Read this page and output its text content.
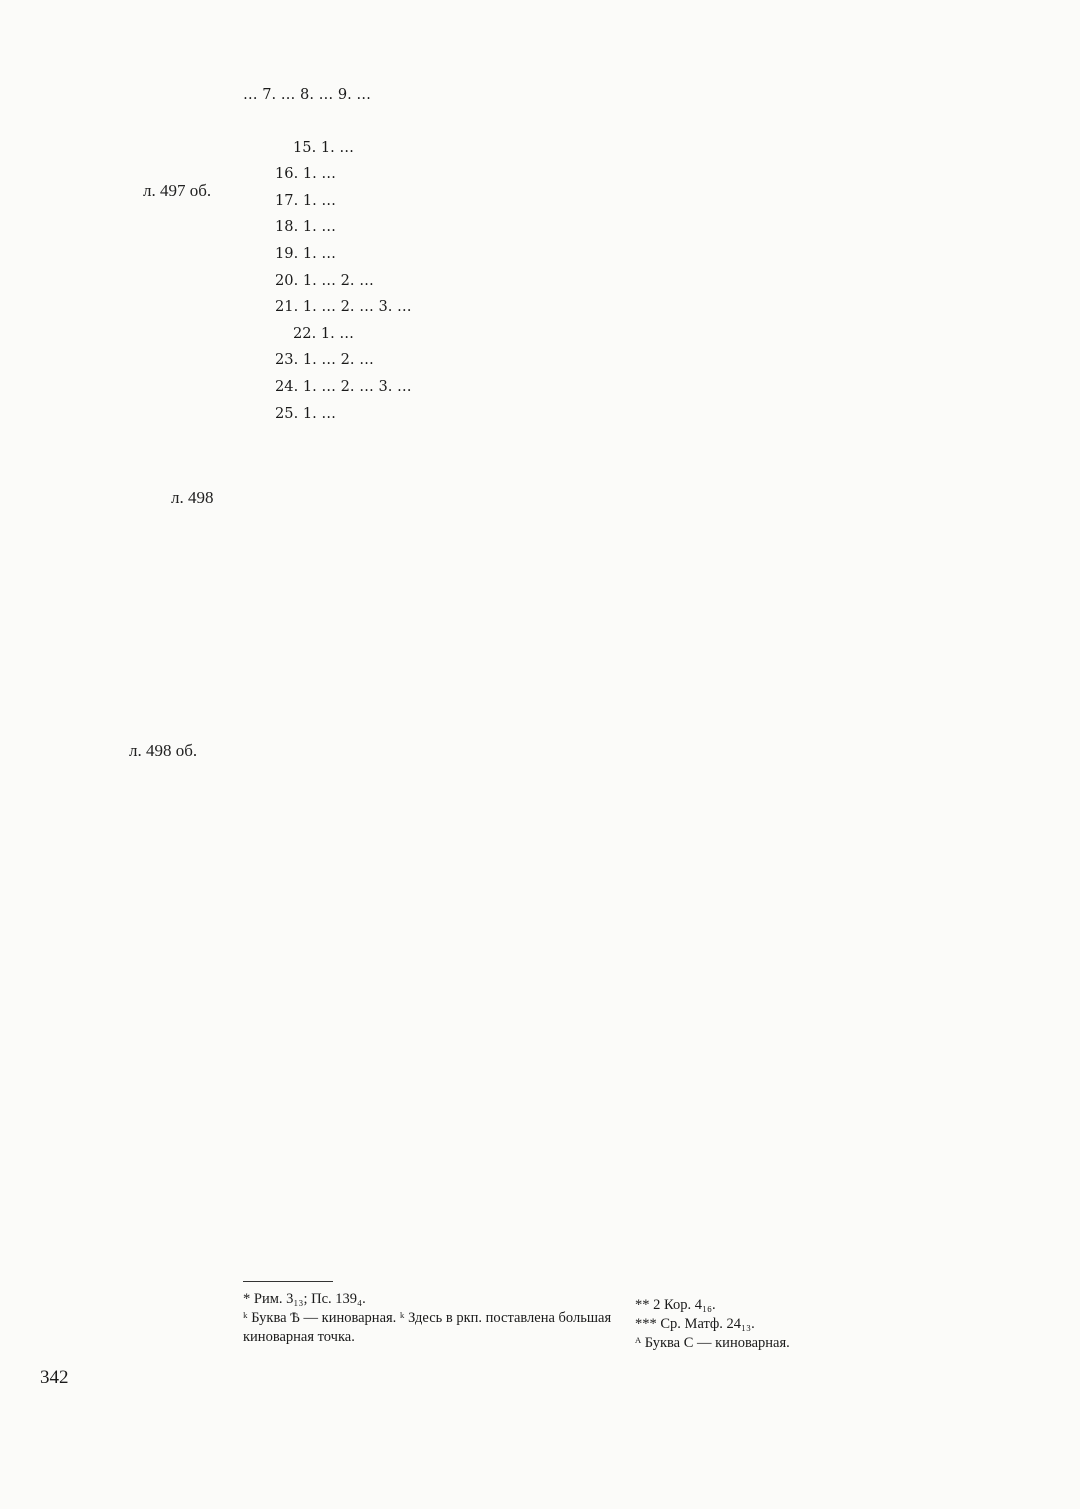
л. 497 об.
л. 498
л. 498 об.

… 7. … 8. … 9. …

15. 1. …

16. 1. …

17. 1. …

18. 1. …

19. 1. …

20. 1. … 2. …

21. 1. … 2. … 3. …

22. 1. …

23. 1. … 2. …

24. 1. … 2. … 3. …

25. 1. …

* Рим. 3₁₃; Пс. 139₄.

ᵏ Буква Ѣ — киноварная. ᵏ Здесь в ркп. поставлена большая киноварная точка.

** 2 Кор. 4₁₆.

*** Ср. Матф. 24₁₃.

ᴬ Буква С — киноварная.

342
